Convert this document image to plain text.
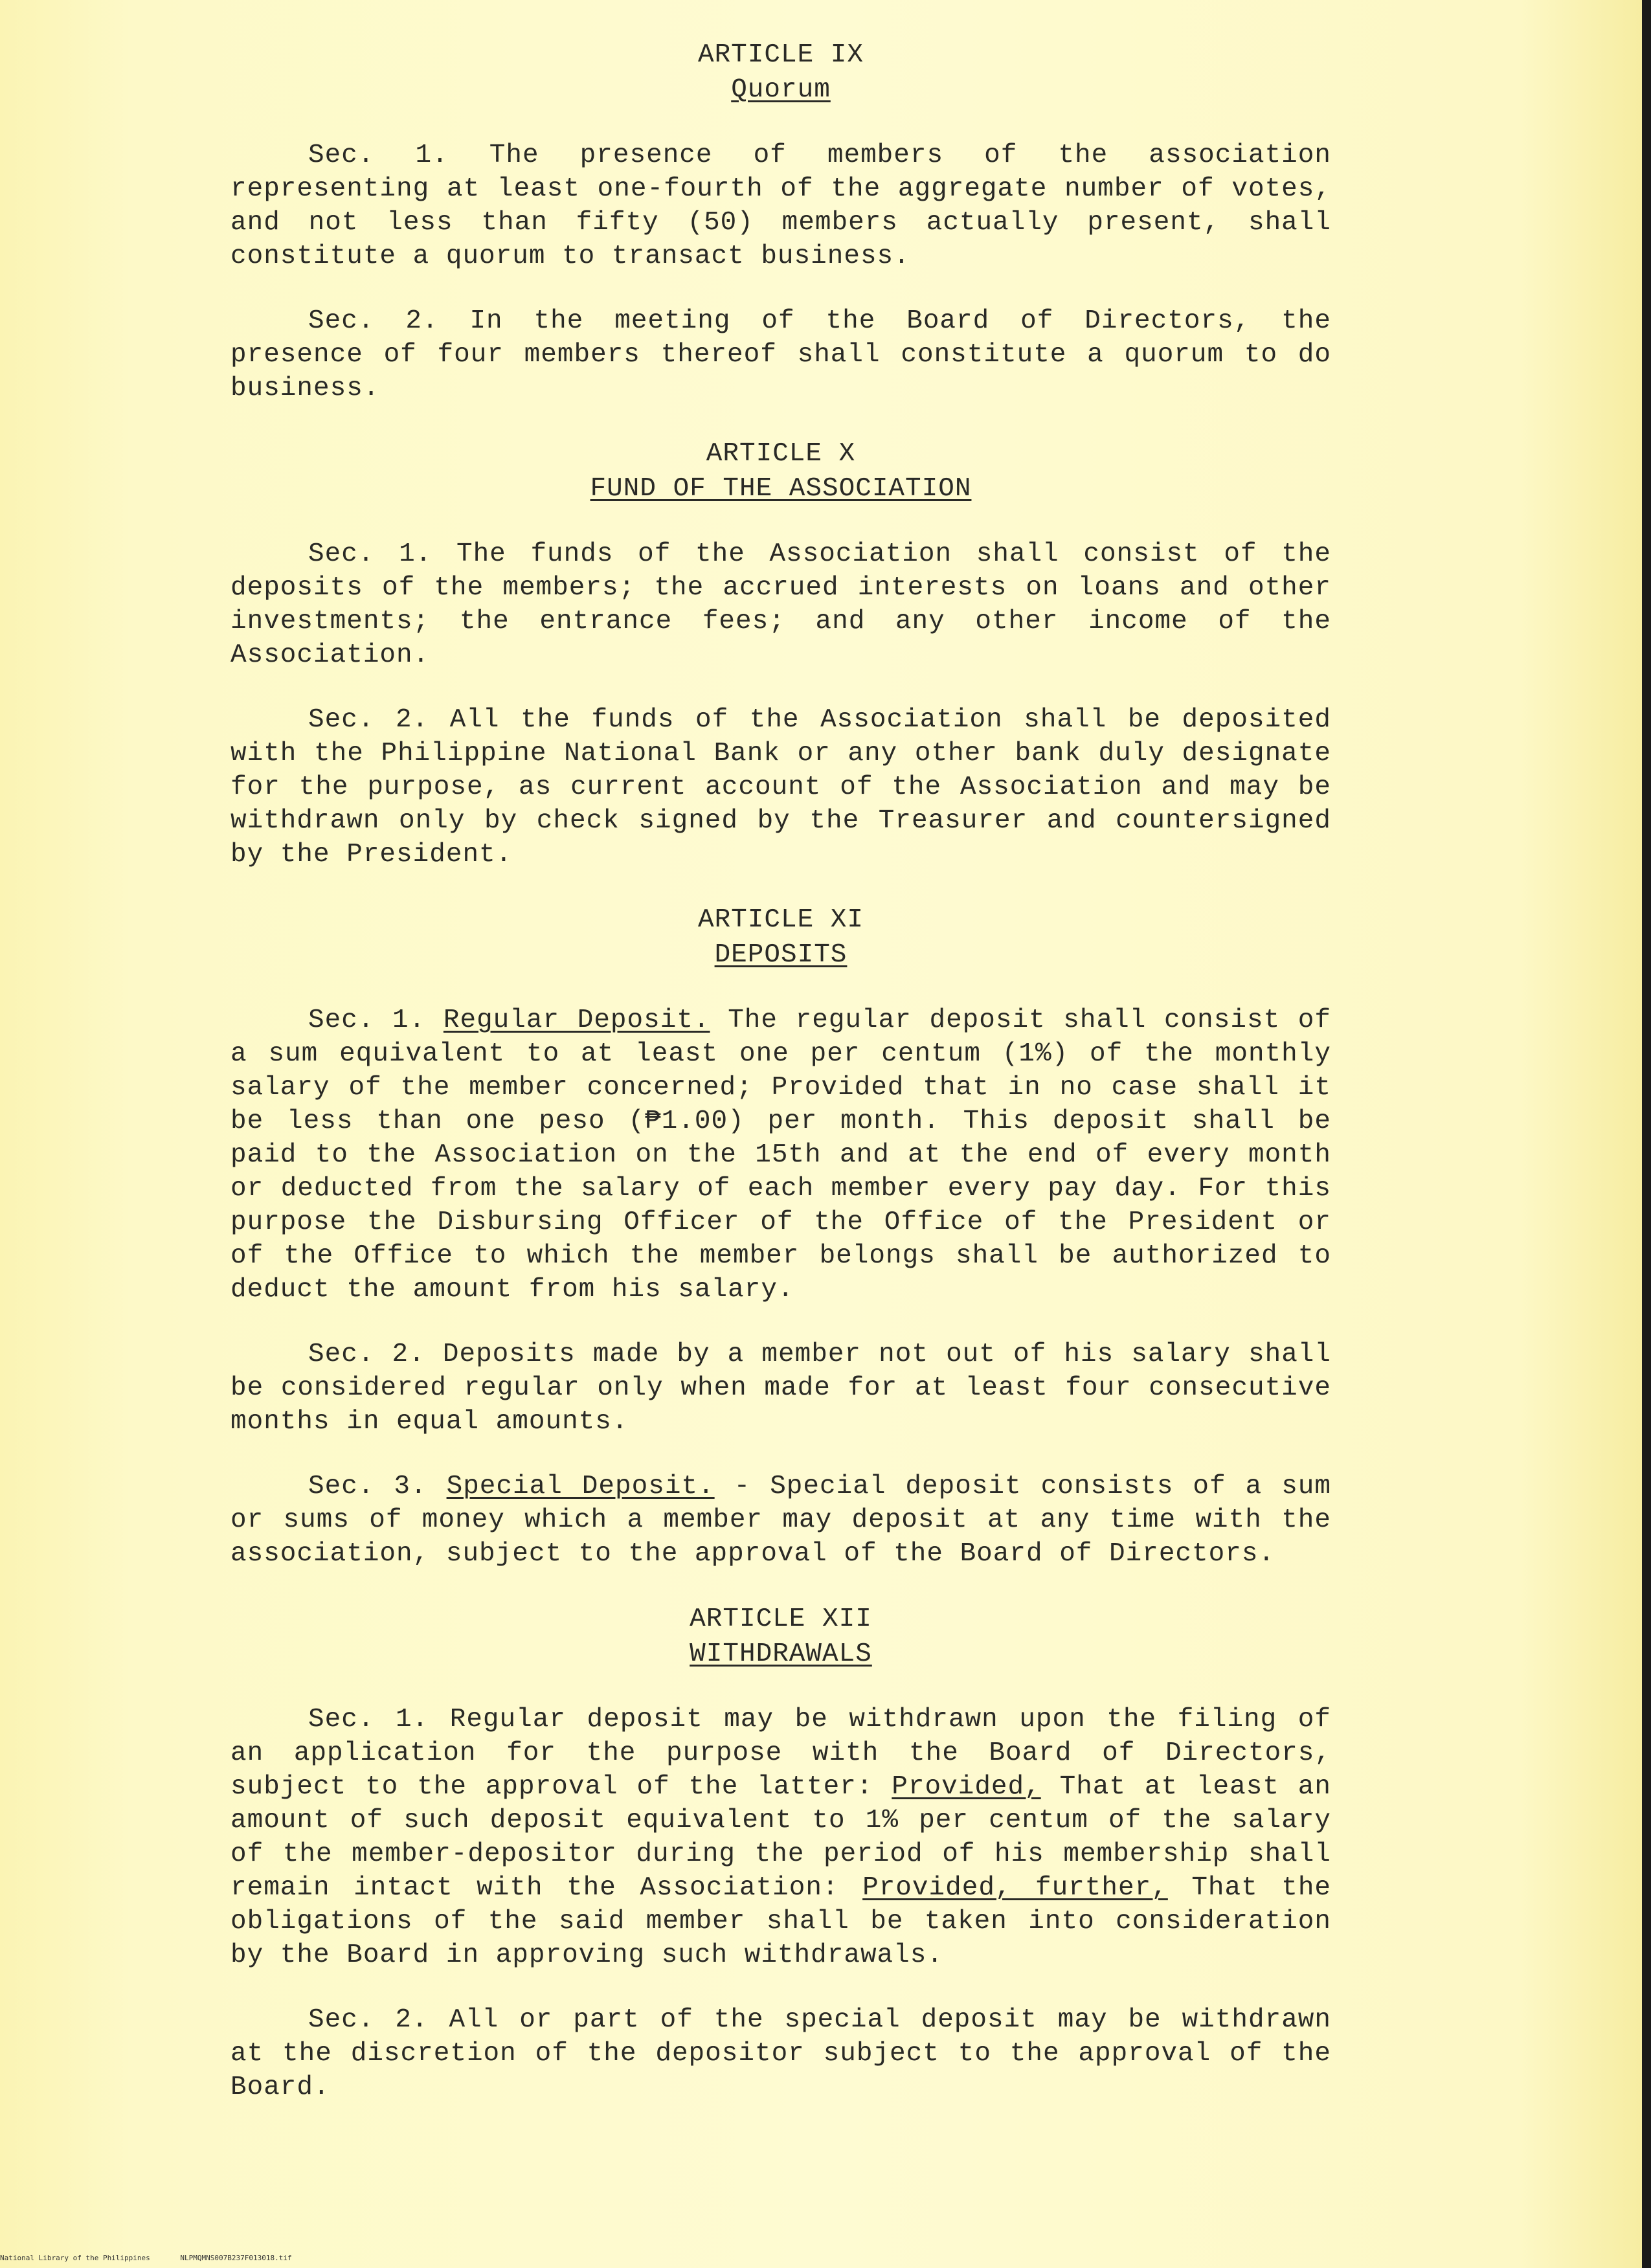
ARTICLE IX

Quorum

Sec. 1. The presence of members of the association representing at least one-fourth of the aggregate number of votes, and not less than fifty (50) members actually present, shall constitute a quorum to transact business.

Sec. 2. In the meeting of the Board of Directors, the presence of four members thereof shall constitute a quorum to do business.

ARTICLE X

FUND OF THE ASSOCIATION

Sec. 1. The funds of the Association shall consist of the deposits of the members; the accrued interests on loans and other investments; the entrance fees; and any other income of the Association.

Sec. 2. All the funds of the Association shall be deposited with the Philippine National Bank or any other bank duly designate for the purpose, as current account of the Association and may be withdrawn only by check signed by the Treasurer and countersigned by the President.

ARTICLE XI

DEPOSITS

Sec. 1. Regular Deposit. The regular deposit shall consist of a sum equivalent to at least one per centum (1%) of the monthly salary of the member concerned; Provided that in no case shall it be less than one peso (₱1.00) per month. This deposit shall be paid to the Association on the 15th and at the end of every month or deducted from the salary of each member every pay day. For this purpose the Disbursing Officer of the Office of the President or of the Office to which the member belongs shall be authorized to deduct the amount from his salary.

Sec. 2. Deposits made by a member not out of his salary shall be considered regular only when made for at least four consecutive months in equal amounts.

Sec. 3. Special Deposit. - Special deposit consists of a sum or sums of money which a member may deposit at any time with the association, subject to the approval of the Board of Directors.

ARTICLE XII

WITHDRAWALS

Sec. 1. Regular deposit may be withdrawn upon the filing of an application for the purpose with the Board of Directors, subject to the approval of the latter: Provided, That at least an amount of such deposit equivalent to 1% per centum of the salary of the member-depositor during the period of his membership shall remain intact with the Association: Provided, further, That the obligations of the said member shall be taken into consideration by the Board in approving such withdrawals.

Sec. 2. All or part of the special deposit may be withdrawn at the discretion of the depositor subject to the approval of the Board.

National Library of the Philippines	NLPMQMNS007B237F013018.tif
